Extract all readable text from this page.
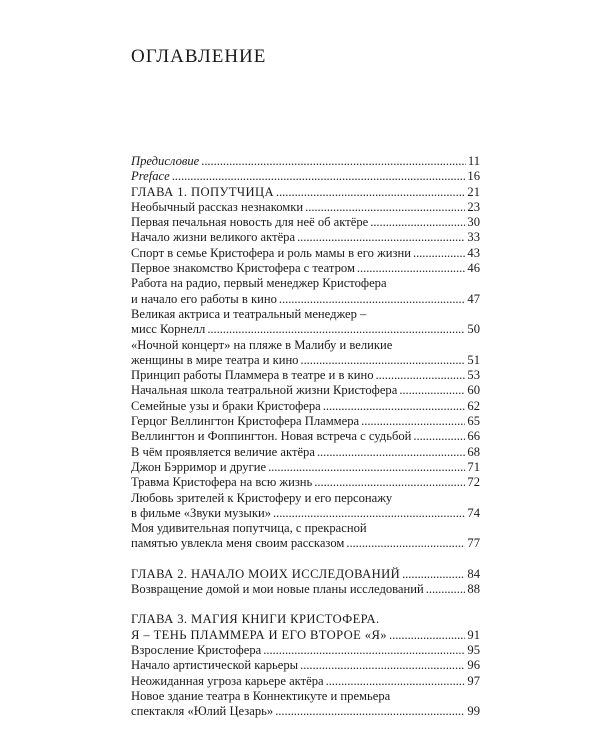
ОГЛАВЛЕНИЕ
Предисловие . . .	11
Preface . . .	16
ГЛАВА 1. ПОПУТЧИЦА . . .	21
Необычный рассказ незнакомки . . .	23
Первая печальная новость для неё об актёре . . .	30
Начало жизни великого актёра . . .	33
Спорт в семье Кристофера и роль мамы в его жизни . . .	43
Первое знакомство Кристофера с театром . . .	46
Работа на радио, первый менеджер Кристофера
и начало его работы в кино . . .	47
Великая актриса и театральный менеджер –
мисс Корнелл . . .	50
«Ночной концерт» на пляже в Малибу и великие
женщины в мире театра и кино . . .	51
Принцип работы Пламмера в театре и в кино . . .	53
Начальная школа театральной жизни Кристофера . . .	60
Семейные узы и браки Кристофера . . .	62
Герцог Веллингтон Кристофера Пламмера . . .	65
Веллингтон и Фоппингтон. Новая встреча с судьбой . . .	66
В чём проявляется величие актёра . . .	68
Джон Бэрримор и другие . . .	71
Травма Кристофера на всю жизнь . . .	72
Любовь зрителей к Кристоферу и его персонажу
в фильме «Звуки музыки» . . .	74
Моя удивительная попутчица, с прекрасной
памятью увлекла меня своим рассказом . . .	77
ГЛАВА 2. НАЧАЛО МОИХ ИССЛЕДОВАНИЙ . . .	84
Возвращение домой и мои новые планы исследований . . .	88
ГЛАВА 3. МАГИЯ КНИГИ КРИСТОФЕРА.
Я – ТЕНЬ ПЛАММЕРА И ЕГО ВТОРОЕ «Я» . . .	91
Взросление Кристофера . . .	95
Начало артистической карьеры . . .	96
Неожиданная угроза карьере актёра . . .	97
Новое здание театра в Коннектикуте и премьера
спектакля «Юлий Цезарь» . . .	99
